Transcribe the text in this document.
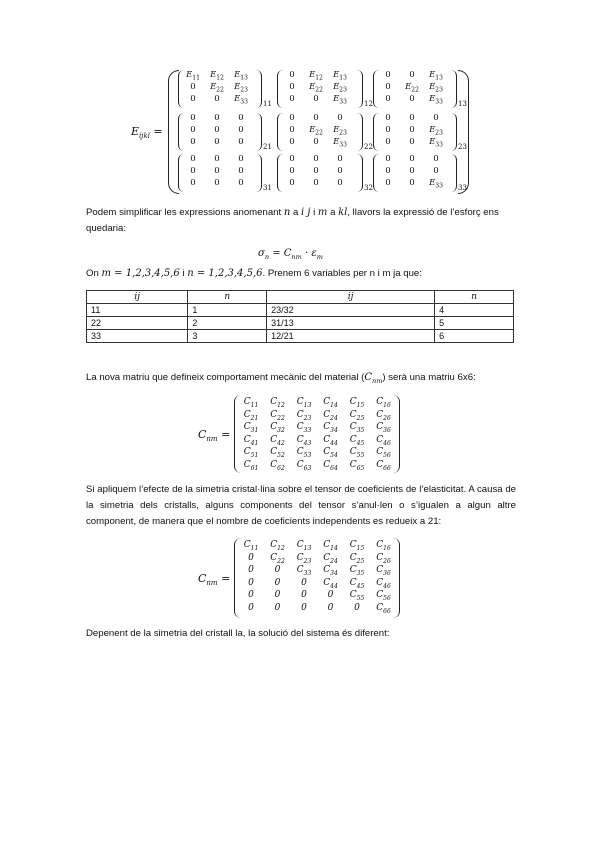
$E_{ijkl}$ =
$E_{11}$	$E_{12}$	$E_{13}$
0	$E_{22}$	$E_{23}$
0	0	$E_{33}$	11
0	$E_{12}$	$E_{13}$
0	$E_{22}$	$E_{23}$
0	0	$E_{33}$	12
0	0	$E_{13}$
0	$E_{22}$	$E_{23}$
0	0	$E_{33}$	13
0	0	0
0	0	0
0	0	0	21
0	0	0
0	$E_{22}$	$E_{23}$
0	0	$E_{33}$	22
0	0	0
0	0	$E_{23}$
0	0	$E_{33}$	23
0	0	0
0	0	0
0	0	0	31
0	0	0
0	0	0
0	0	0	32
0	0	0
0	0	0
0	0	$E_{33}$	33
Podem simplificar les expressions anomenant n a i j i m a kl, llavors la expressió de l’esforç ens quedaria:
$\sigma_n = C_{nm} \cdot \varepsilon_m$
On m = 1,2,3,4,5,6 i n = 1,2,3,4,5,6. Prenem 6 variables per n i m ja que:
ij	n	ij	n
11	1	23/32	4
22	2	31/13	5
33	3	12/21	6
La nova matriu que defineix comportament mecànic del material $(C_{nm})$ serà una matriu 6x6:
$C_{nm}$ =
$C_{11}$	$C_{12}$	$C_{13}$	$C_{14}$	$C_{15}$	$C_{16}$
$C_{21}$	$C_{22}$	$C_{23}$	$C_{24}$	$C_{25}$	$C_{26}$
$C_{31}$	$C_{32}$	$C_{33}$	$C_{34}$	$C_{35}$	$C_{36}$
$C_{41}$	$C_{42}$	$C_{43}$	$C_{44}$	$C_{45}$	$C_{46}$
$C_{51}$	$C_{52}$	$C_{53}$	$C_{54}$	$C_{55}$	$C_{56}$
$C_{61}$	$C_{62}$	$C_{63}$	$C_{64}$	$C_{65}$	$C_{66}$
Si apliquem l’efecte de la simetria cristal·lina sobre el tensor de coeficients de l’elasticitat. A causa de la simetria dels cristalls, alguns components del tensor s’anul·len o s’igualen a algun altre component, de manera que el nombre de coeficients independents es redueix a 21:
$C_{nm}$ =
$C_{11}$	$C_{12}$	$C_{13}$	$C_{14}$	$C_{15}$	$C_{16}$
0	$C_{22}$	$C_{23}$	$C_{24}$	$C_{25}$	$C_{26}$
0	0	$C_{33}$	$C_{34}$	$C_{35}$	$C_{36}$
0	0	0	$C_{44}$	$C_{45}$	$C_{46}$
0	0	0	0	$C_{55}$	$C_{56}$
0	0	0	0	0	$C_{66}$
Depenent de la simetria del cristall la, la solució del sistema és diferent:
